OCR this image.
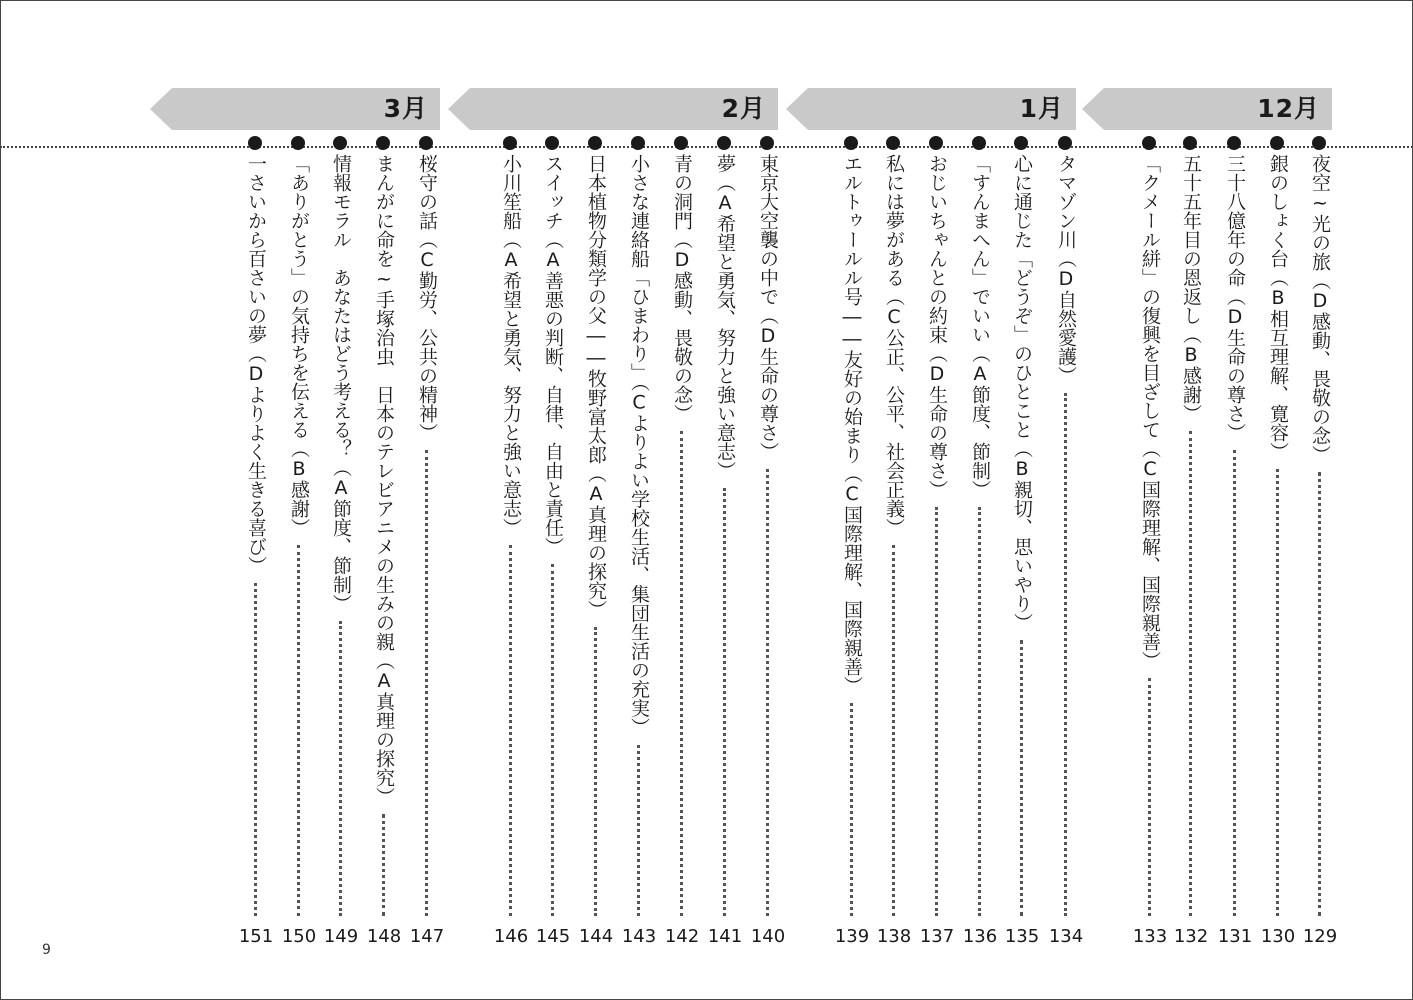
3月	2月	1月	12月
夜空~光の旅（D感動、畏敬の念）
129
銀のしょく台（B相互理解、寛容）
130
三十八億年の命（D生命の尊さ）
131
五十五年目の恩返し（B感謝）
132
「クメール絣」の復興を目ざして（C国際理解、国際親善）
133
タマゾン川（D自然愛護）
134
心に通じた「どうぞ」のひとこと（B親切、思いやり）
135
「すんまへん」でいい（A節度、節制）
136
おじいちゃんとの約束（D生命の尊さ）
137
私には夢がある（C公正、公平、社会正義）
138
エルトゥールル号――友好の始まり（C国際理解、国際親善）
139
東京大空襲の中で（D生命の尊さ）
140
夢（A希望と勇気、努力と強い意志）
141
青の洞門（D感動、畏敬の念）
142
小さな連絡船「ひまわり」（Cよりよい学校生活、集団生活の充実）
143
日本植物分類学の父――牧野富太郎（A真理の探究）
144
スイッチ（A善悪の判断、自律、自由と責任）
145
小川笙船（A希望と勇気、努力と強い意志）
146
桜守の話（C勤労、公共の精神）
147
まんがに命を~手塚治虫　日本のテレビアニメの生みの親（A真理の探究）
148
情報モラル　あなたはどう考える？（A節度、節制）
149
「ありがとう」の気持ちを伝える（B感謝）
150
一さいから百さいの夢（Dよりよく生きる喜び）
151
9
